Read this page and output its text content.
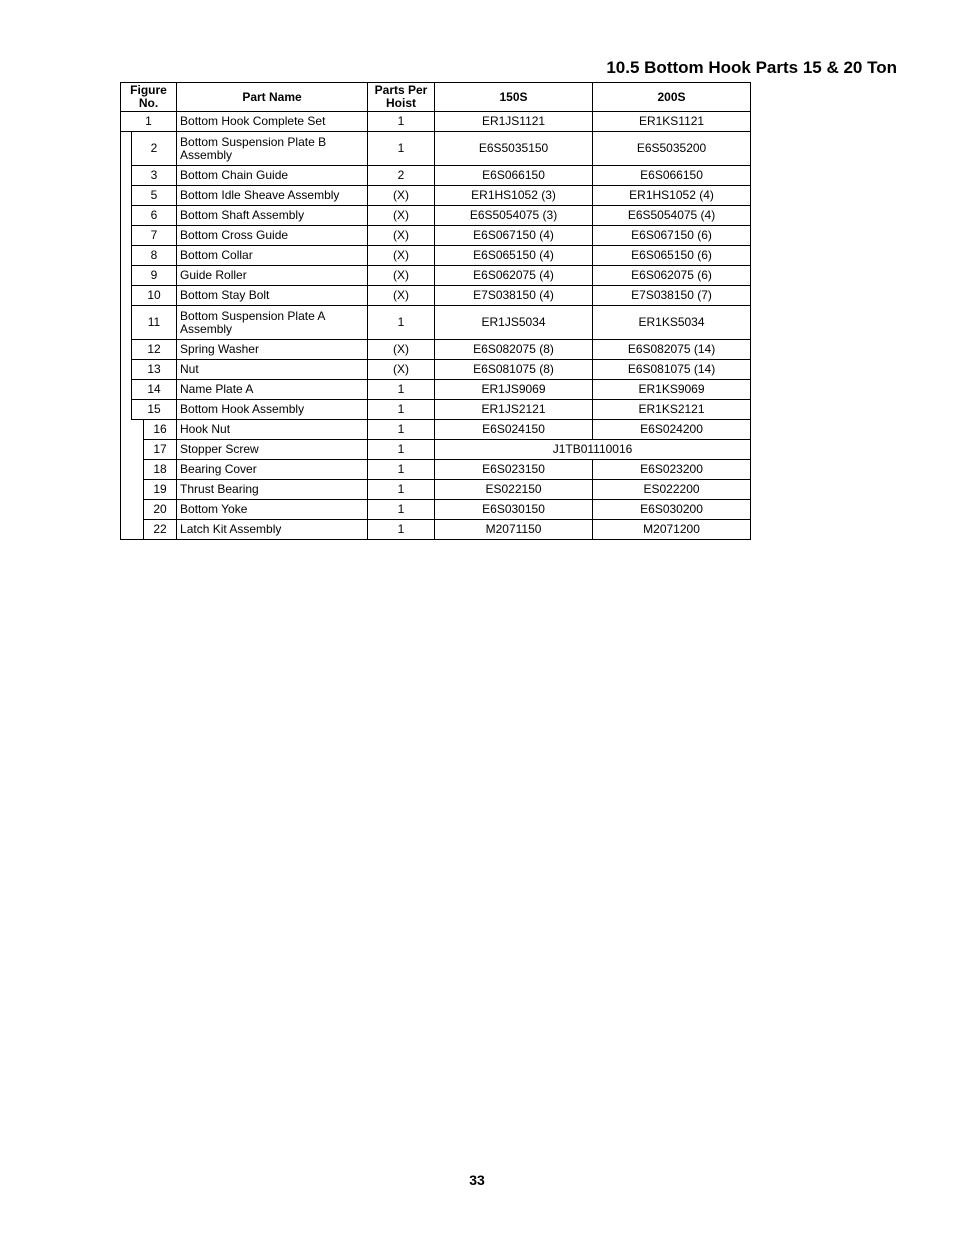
10.5 Bottom Hook Parts 15 & 20 Ton
Figure No.			Part Name	Parts Per Hoist	150S	200S
1			Bottom Hook Complete Set	1	ER1JS1121	ER1KS1121
	2		Bottom Suspension Plate B Assembly	1	E6S5035150	E6S5035200
	3		Bottom Chain Guide	2	E6S066150	E6S066150
	5		Bottom Idle Sheave Assembly	(X)	ER1HS1052 (3)	ER1HS1052 (4)
	6		Bottom Shaft Assembly	(X)	E6S5054075 (3)	E6S5054075 (4)
	7		Bottom Cross Guide	(X)	E6S067150 (4)	E6S067150 (6)
	8		Bottom Collar	(X)	E6S065150 (4)	E6S065150 (6)
	9		Guide Roller	(X)	E6S062075 (4)	E6S062075 (6)
	10		Bottom Stay Bolt	(X)	E7S038150 (4)	E7S038150 (7)
	11		Bottom Suspension Plate A Assembly	1	ER1JS5034	ER1KS5034
	12		Spring Washer	(X)	E6S082075 (8)	E6S082075 (14)
	13		Nut	(X)	E6S081075 (8)	E6S081075 (14)
	14		Name Plate A	1	ER1JS9069	ER1KS9069
	15		Bottom Hook Assembly	1	ER1JS2121	ER1KS2121
		16	Hook Nut	1	E6S024150	E6S024200
		17	Stopper Screw	1	J1TB01110016	
		18	Bearing Cover	1	E6S023150	E6S023200
		19	Thrust Bearing	1	ES022150	ES022200
		20	Bottom Yoke	1	E6S030150	E6S030200
		22	Latch Kit Assembly	1	M2071150	M2071200
33
